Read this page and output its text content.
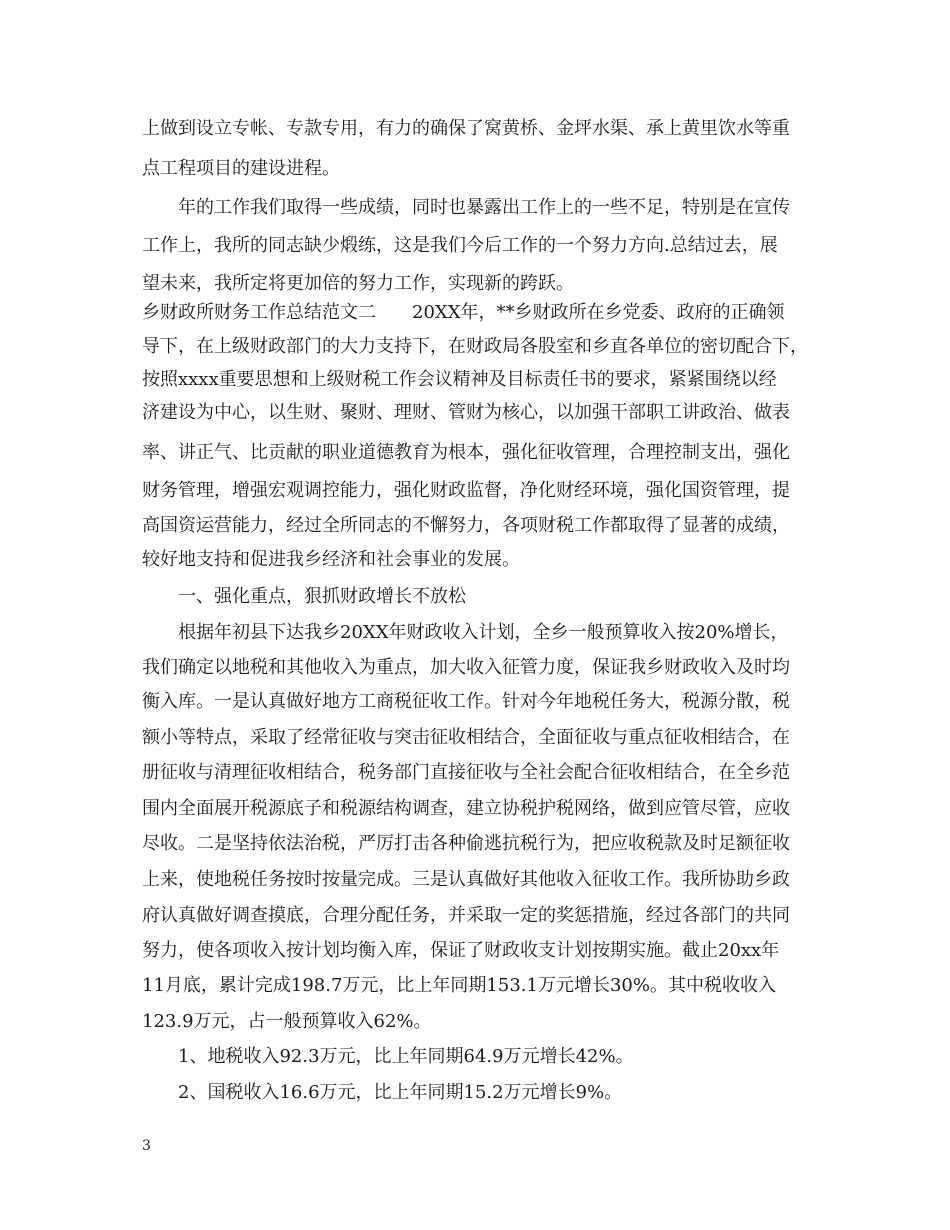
上做到设立专帐、专款专用，有力的确保了窝黄桥、金坪水渠、承上黄里饮水等重
点工程项目的建设进程。
年的工作我们取得一些成绩，同时也暴露出工作上的一些不足，特别是在宣传
工作上，我所的同志缺少煅练，这是我们今后工作的一个努力方向.总结过去，展
望未来，我所定将更加倍的努力工作，实现新的跨跃。
乡财政所财务工作总结范文二　　20XX年，**乡财政所在乡党委、政府的正确领
导下，在上级财政部门的大力支持下，在财政局各股室和乡直各单位的密切配合下，
按照xxxx重要思想和上级财税工作会议精神及目标责任书的要求，紧紧围绕以经
济建设为中心，以生财、聚财、理财、管财为核心，以加强干部职工讲政治、做表
率、讲正气、比贡献的职业道德教育为根本，强化征收管理，合理控制支出，强化
财务管理，增强宏观调控能力，强化财政监督，净化财经环境，强化国资管理，提
高国资运营能力，经过全所同志的不懈努力，各项财税工作都取得了显著的成绩，
较好地支持和促进我乡经济和社会事业的发展。
一、强化重点，狠抓财政增长不放松
根据年初县下达我乡20XX年财政收入计划，全乡一般预算收入按20%增长，
我们确定以地税和其他收入为重点，加大收入征管力度，保证我乡财政收入及时均
衡入库。一是认真做好地方工商税征收工作。针对今年地税任务大，税源分散，税
额小等特点，采取了经常征收与突击征收相结合，全面征收与重点征收相结合，在
册征收与清理征收相结合，税务部门直接征收与全社会配合征收相结合，在全乡范
围内全面展开税源底子和税源结构调查，建立协税护税网络，做到应管尽管，应收
尽收。二是坚持依法治税，严厉打击各种偷逃抗税行为，把应收税款及时足额征收
上来，使地税任务按时按量完成。三是认真做好其他收入征收工作。我所协助乡政
府认真做好调查摸底，合理分配任务，并采取一定的奖惩措施，经过各部门的共同
努力，使各项收入按计划均衡入库，保证了财政收支计划按期实施。截止20xx年
11月底，累计完成198.7万元，比上年同期153.1万元增长30%。其中税收收入
123.9万元，占一般预算收入62%。
1、地税收入92.3万元，比上年同期64.9万元增长42%。
2、国税收入16.6万元，比上年同期15.2万元增长9%。
3
